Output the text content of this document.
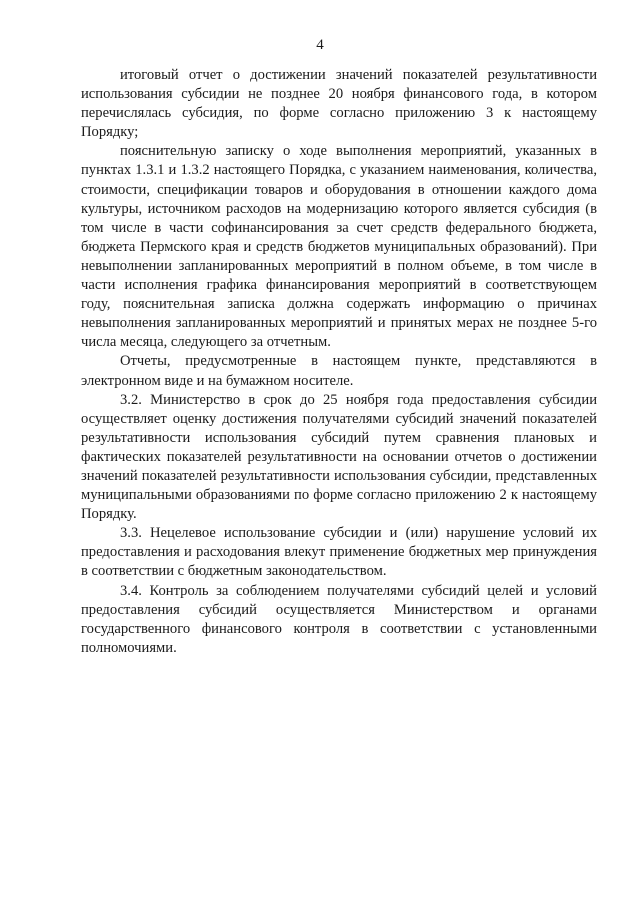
4

итоговый отчет о достижении значений показателей результативности использования субсидии не позднее 20 ноября финансового года, в котором перечислялась субсидия, по форме согласно приложению 3 к настоящему Порядку;

пояснительную записку о ходе выполнения мероприятий, указанных в пунктах 1.3.1 и 1.3.2 настоящего Порядка, с указанием наименования, количества, стоимости, спецификации товаров и оборудования в отношении каждого дома культуры, источником расходов на модернизацию которого является субсидия (в том числе в части софинансирования за счет средств федерального бюджета, бюджета Пермского края и средств бюджетов муниципальных образований). При невыполнении запланированных мероприятий в полном объеме, в том числе в части исполнения графика финансирования мероприятий в соответствующем году, пояснительная записка должна содержать информацию о причинах невыполнения запланированных мероприятий и принятых мерах не позднее 5-го числа месяца, следующего за отчетным.

Отчеты, предусмотренные в настоящем пункте, представляются в электронном виде и на бумажном носителе.

3.2. Министерство в срок до 25 ноября года предоставления субсидии осуществляет оценку достижения получателями субсидий значений показателей результативности использования субсидий путем сравнения плановых и фактических показателей результативности на основании отчетов о достижении значений показателей результативности использования субсидии, представленных муниципальными образованиями по форме согласно приложению 2 к настоящему Порядку.

3.3. Нецелевое использование субсидии и (или) нарушение условий их предоставления и расходования влекут применение бюджетных мер принуждения в соответствии с бюджетным законодательством.

3.4. Контроль за соблюдением получателями субсидий целей и условий предоставления субсидий осуществляется Министерством и органами государственного финансового контроля в соответствии с установленными полномочиями.
